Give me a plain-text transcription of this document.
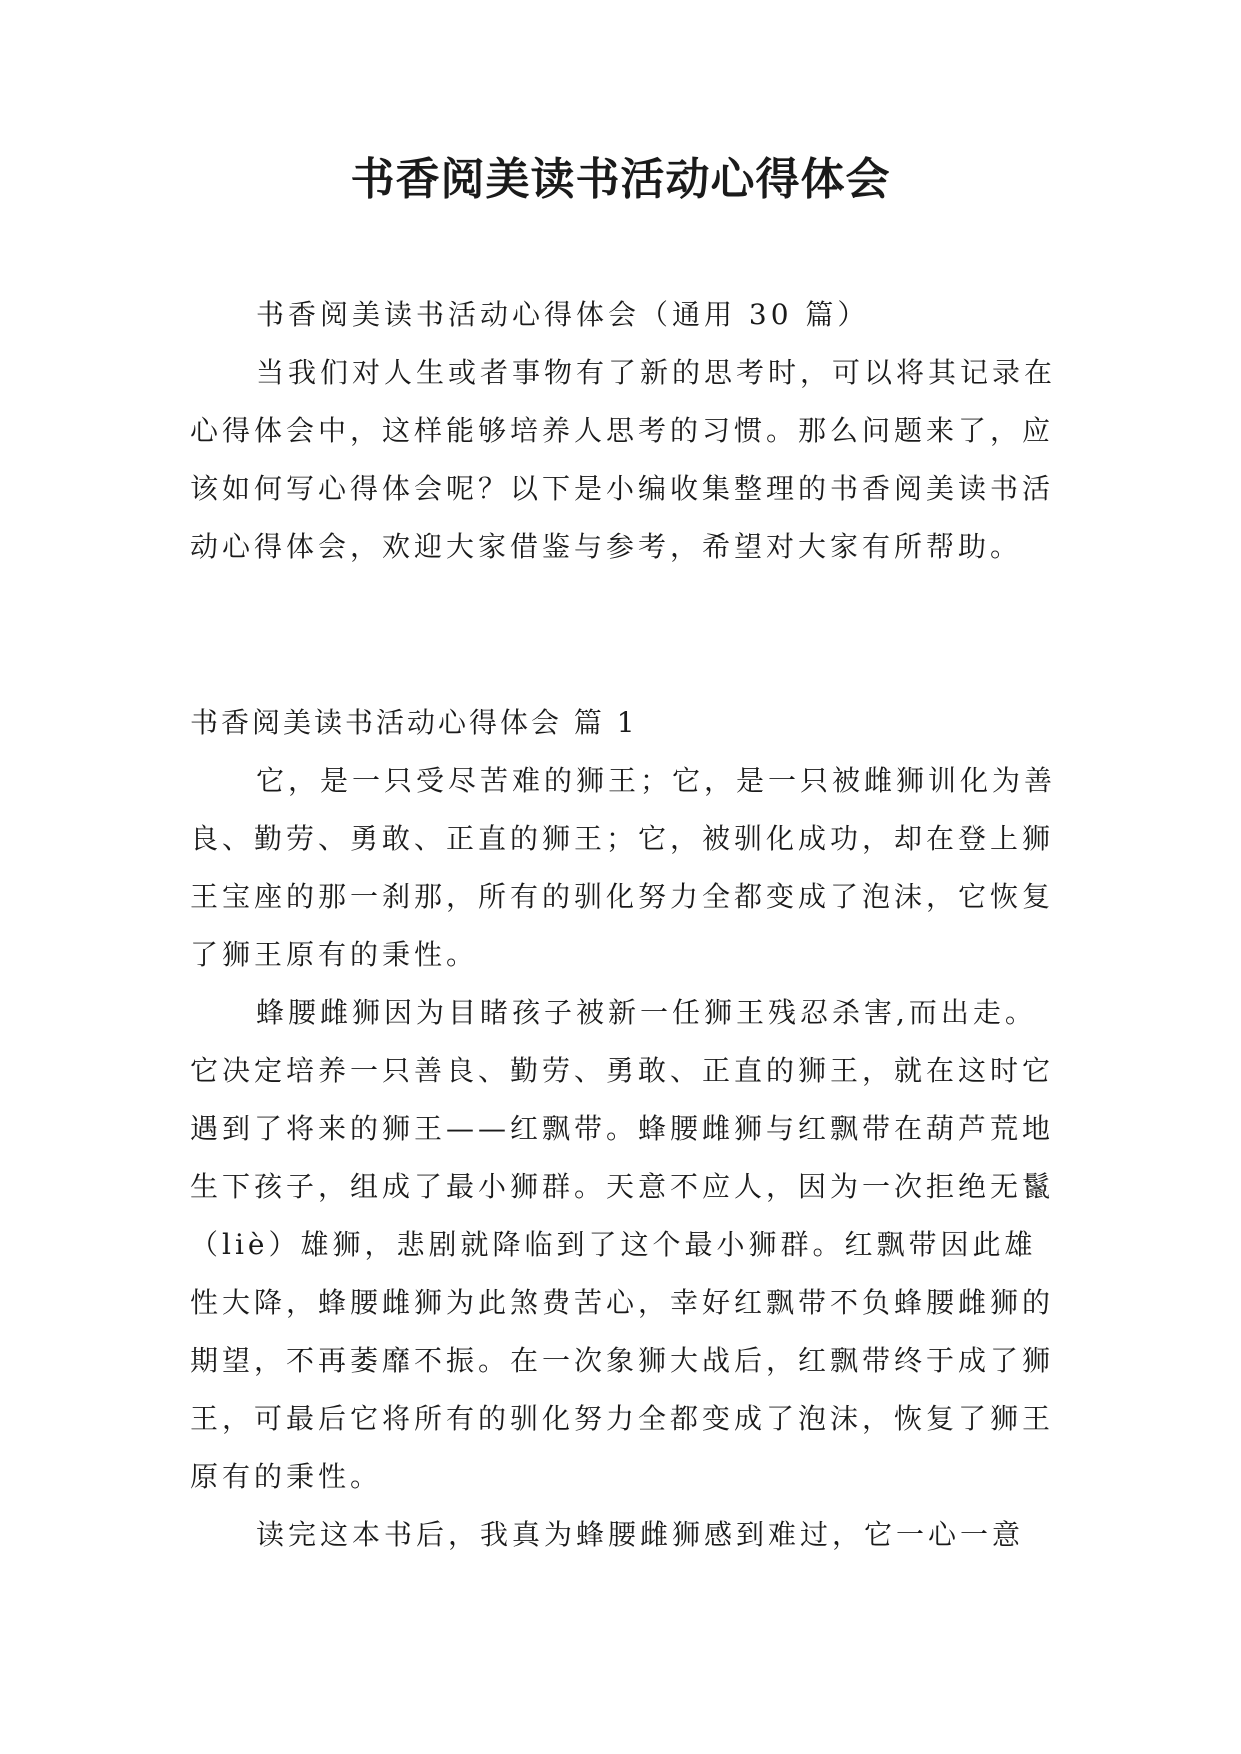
书香阅美读书活动心得体会

书香阅美读书活动心得体会（通用 30 篇）

当我们对人生或者事物有了新的思考时，可以将其记录在心得体会中，这样能够培养人思考的习惯。那么问题来了，应该如何写心得体会呢？以下是小编收集整理的书香阅美读书活动心得体会，欢迎大家借鉴与参考，希望对大家有所帮助。

书香阅美读书活动心得体会 篇 1

它，是一只受尽苦难的狮王；它，是一只被雌狮训化为善良、勤劳、勇敢、正直的狮王；它，被驯化成功，却在登上狮王宝座的那一刹那，所有的驯化努力全都变成了泡沫，它恢复了狮王原有的秉性。

蜂腰雌狮因为目睹孩子被新一任狮王残忍杀害,而出走。它决定培养一只善良、勤劳、勇敢、正直的狮王，就在这时它遇到了将来的狮王——红飘带。蜂腰雌狮与红飘带在葫芦荒地生下孩子，组成了最小狮群。天意不应人，因为一次拒绝无鬣（liè）雄狮，悲剧就降临到了这个最小狮群。红飘带因此雄性大降，蜂腰雌狮为此煞费苦心，幸好红飘带不负蜂腰雌狮的期望，不再萎靡不振。在一次象狮大战后，红飘带终于成了狮王，可最后它将所有的驯化努力全都变成了泡沫，恢复了狮王原有的秉性。

读完这本书后，我真为蜂腰雌狮感到难过，它一心一意
